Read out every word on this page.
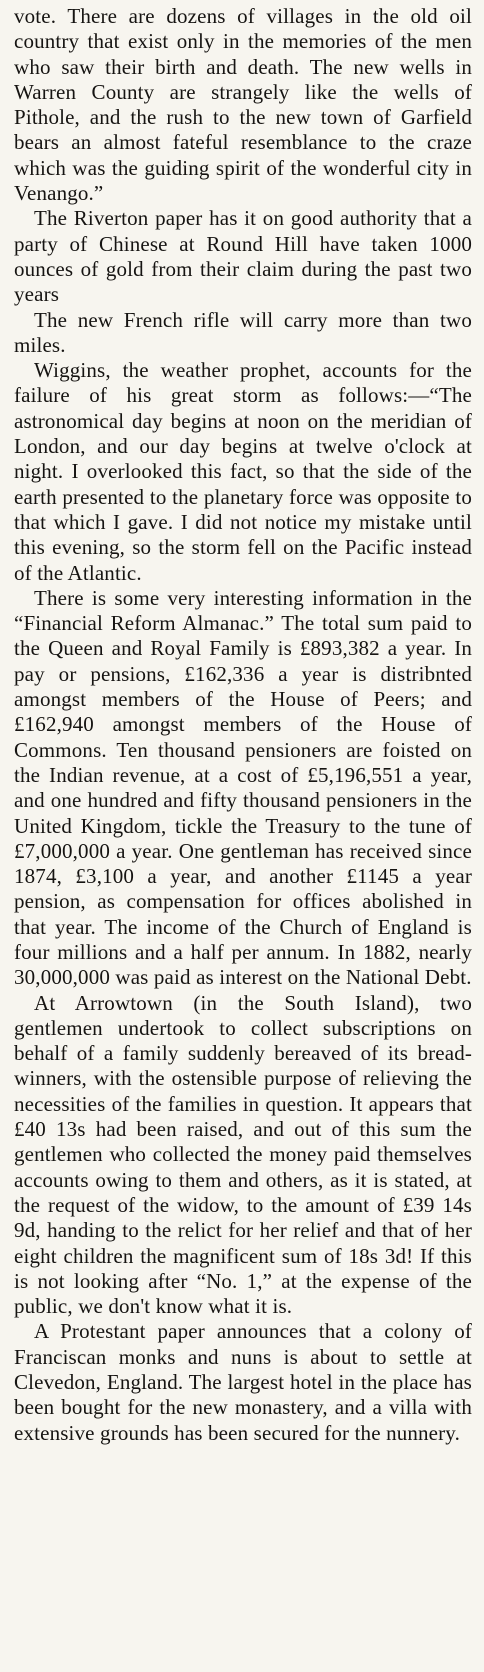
vote. There are dozens of villages in the old oil country that exist only in the memories of the men who saw their birth and death. The new wells in Warren County are strangely like the wells of Pithole, and the rush to the new town of Garfield bears an almost fateful resemblance to the craze which was the guiding spirit of the wonderful city in Venango.”

The Riverton paper has it on good authority that a party of Chinese at Round Hill have taken 1000 ounces of gold from their claim during the past two years

The new French rifle will carry more than two miles.

Wiggins, the weather prophet, accounts for the failure of his great storm as follows:—“The astronomical day begins at noon on the meridian of London, and our day begins at twelve o'clock at night. I overlooked this fact, so that the side of the earth presented to the planetary force was opposite to that which I gave. I did not notice my mistake until this evening, so the storm fell on the Pacific instead of the Atlantic.

There is some very interesting information in the “Financial Reform Almanac.” The total sum paid to the Queen and Royal Family is £893,382 a year. In pay or pensions, £162,336 a year is distribnted amongst members of the House of Peers; and £162,940 amongst members of the House of Commons. Ten thousand pensioners are foisted on the Indian revenue, at a cost of £5,196,551 a year, and one hundred and fifty thousand pensioners in the United Kingdom, tickle the Treasury to the tune of £7,000,000 a year. One gentleman has received since 1874, £3,100 a year, and another £1145 a year pension, as compensation for offices abolished in that year. The income of the Church of England is four millions and a half per annum. In 1882, nearly 30,000,000 was paid as interest on the National Debt.

At Arrowtown (in the South Island), two gentlemen undertook to collect subscriptions on behalf of a family suddenly bereaved of its bread-winners, with the ostensible purpose of relieving the necessities of the families in question. It appears that £40 13s had been raised, and out of this sum the gentlemen who collected the money paid themselves accounts owing to them and others, as it is stated, at the request of the widow, to the amount of £39 14s 9d, handing to the relict for her relief and that of her eight children the magnificent sum of 18s 3d! If this is not looking after “No. 1,” at the expense of the public, we don't know what it is.

A Protestant paper announces that a colony of Franciscan monks and nuns is about to settle at Clevedon, England. The largest hotel in the place has been bought for the new monastery, and a villa with extensive grounds has been secured for the nunnery.
